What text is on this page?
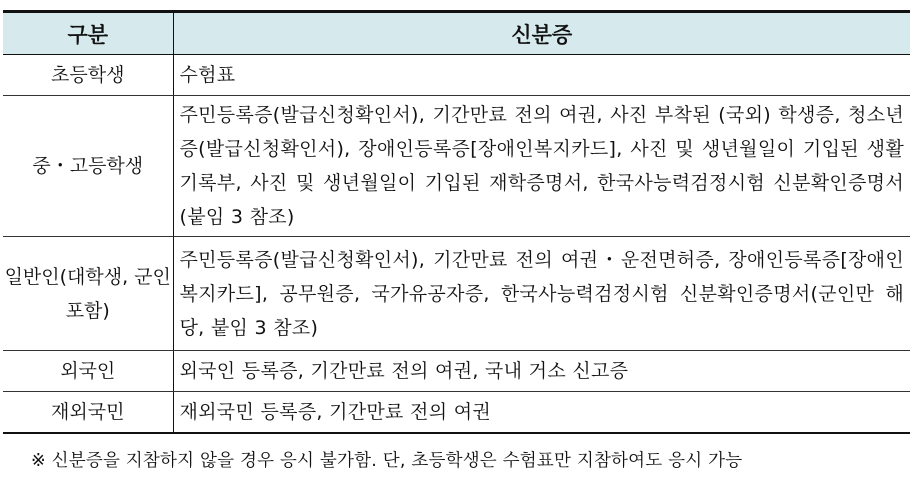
구분	신분증
초등학생	수험표
중・고등학생	주민등록증(발급신청확인서), 기간만료 전의 여권, 사진 부착된 (국외) 학생증, 청소년증(발급신청확인서), 장애인등록증[장애인복지카드], 사진 및 생년월일이 기입된 생활기록부, 사진 및 생년월일이 기입된 재학증명서, 한국사능력검정시험 신분확인증명서(붙임 3 참조)
일반인(대학생, 군인 포함)	주민등록증(발급신청확인서), 기간만료 전의 여권・운전면허증, 장애인등록증[장애인복지카드], 공무원증, 국가유공자증, 한국사능력검정시험 신분확인증명서(군인만 해당, 붙임 3 참조)
외국인	외국인 등록증, 기간만료 전의 여권, 국내 거소 신고증
재외국민	재외국민 등록증, 기간만료 전의 여권
※ 신분증을 지참하지 않을 경우 응시 불가함. 단, 초등학생은 수험표만 지참하여도 응시 가능
